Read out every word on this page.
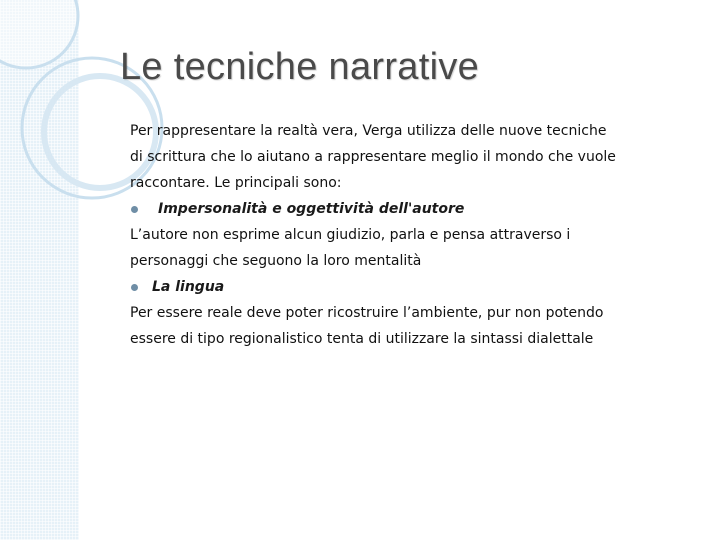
Le tecniche narrative

Per rappresentare la realtà vera, Verga utilizza delle nuove tecniche

di scrittura che lo aiutano a rappresentare meglio il mondo che vuole

raccontare. Le principali sono:

Impersonalità e oggettività dell'autore

L’autore non esprime alcun giudizio, parla e pensa attraverso i

personaggi che seguono la loro mentalità

La lingua

Per essere reale deve poter ricostruire l’ambiente, pur non potendo

essere di tipo regionalistico tenta di utilizzare la sintassi dialettale
